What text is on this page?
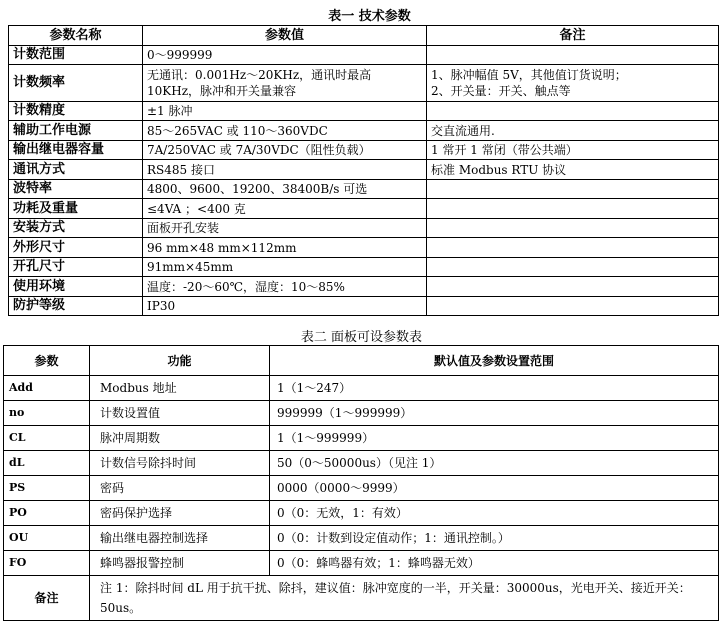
表一 技术参数
参数名称	参数值	备注
计数范围	0～999999	
计数频率	无通讯：0.001Hz～20KHz，通讯时最高10KHz，脉冲和开关量兼容	1、脉冲幅值 5V，其他值订货说明；
2、开关量：开关、触点等
计数精度	±1 脉冲	
辅助工作电源	85～265VAC 或 110～360VDC	交直流通用.
输出继电器容量	7A/250VAC 或 7A/30VDC（阻性负载）	1 常开 1 常闭（带公共端）
通讯方式	RS485 接口	标准 Modbus RTU 协议
波特率	4800、9600、19200、38400B/s 可选	
功耗及重量	≤4VA ；<400 克	
安装方式	面板开孔安装	
外形尺寸	96 mm×48 mm×112mm	
开孔尺寸	91mm×45mm	
使用环境	温度：-20～60℃，湿度：10～85%	
防护等级	IP30	
表二 面板可设参数表
参数	功能	默认值及参数设置范围
Add	Modbus 地址	1（1～247）
no	计数设置值	999999（1～999999）
CL	脉冲周期数	1（1～999999）
dL	计数信号除抖时间	50（0～50000us）（见注 1）
PS	密码	0000（0000～9999）
PO	密码保护选择	0（0：无效，1：有效）
OU	输出继电器控制选择	0（0：计数到设定值动作；1：通讯控制。）
FO	蜂鸣器报警控制	0（0：蜂鸣器有效；1：蜂鸣器无效）
备注	注 1：除抖时间 dL 用于抗干扰、除抖，建议值：脉冲宽度的一半，开关量：30000us，光电开关、接近开关：50us。	
